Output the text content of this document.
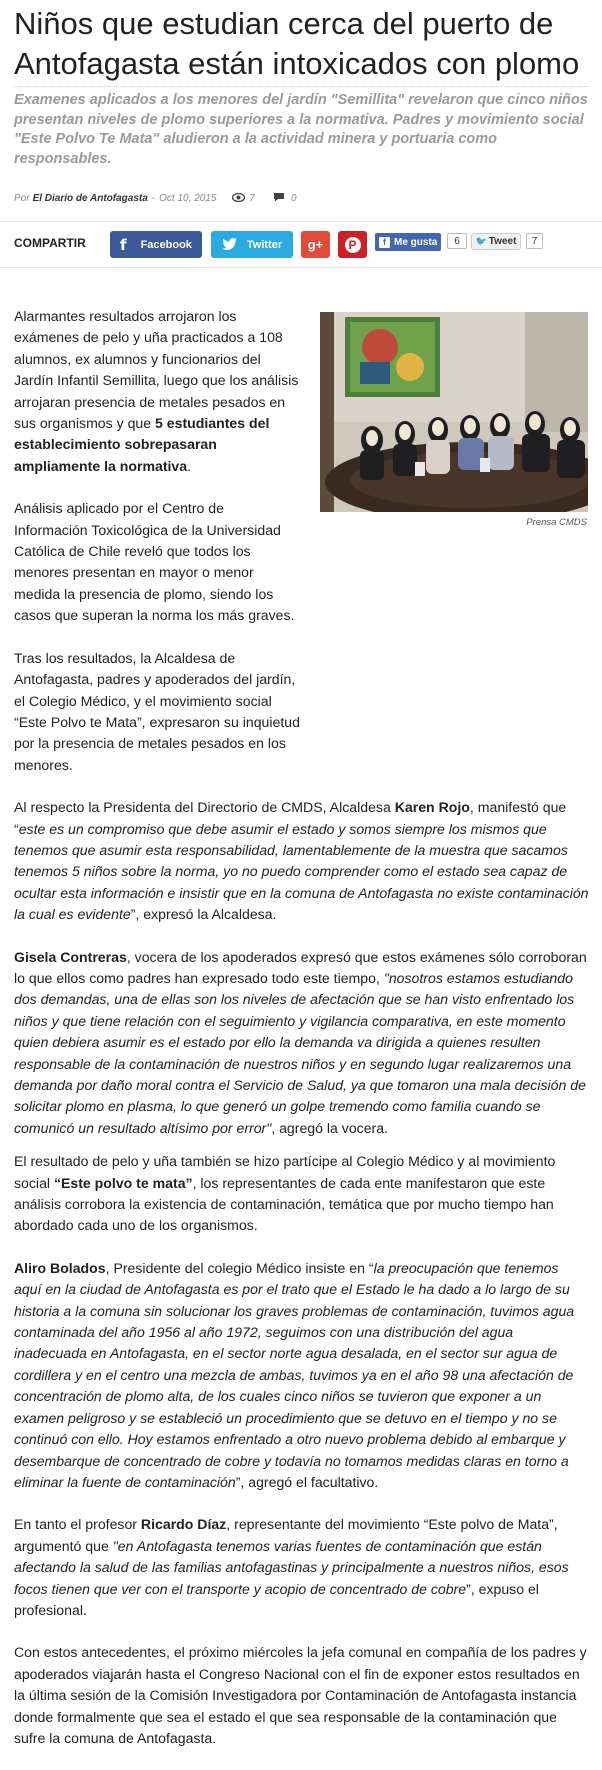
Niños que estudian cerca del puerto de Antofagasta están intoxicados con plomo

Examenes aplicados a los menores del jardín "Semillita" revelaron que cinco niños presentan niveles de plomo superiores a la normativa. Padres y movimiento social "Este Polvo Te Mata" aludieron a la actividad minera y portuaria como responsables.

Por El Diario de Antofagasta - Oct 10, 2015	7	0
COMPARTIR f Facebook	Twitter g+	P	f Me gusta	6	🐦 Tweet	7
Prensa CMDS

Alarmantes resultados arrojaron los exámenes de pelo y uña practicados a 108 alumnos, ex alumnos y funcionarios del Jardín Infantil Semillita, luego que los análisis arrojaran presencia de metales pesados en sus organismos y que 5 estudiantes del establecimiento sobrepasaran ampliamente la normativa.

Análisis aplicado por el Centro de Información Toxicológica de la Universidad Católica de Chile reveló que todos los menores presentan en mayor o menor medida la presencia de plomo, siendo los casos que superan la norma los más graves.

Tras los resultados, la Alcaldesa de Antofagasta, padres y apoderados del jardín, el Colegio Médico, y el movimiento social “Este Polvo te Mata”, expresaron su inquietud por la presencia de metales pesados en los menores.

Al respecto la Presidenta del Directorio de CMDS, Alcaldesa Karen Rojo, manifestó que “este es un compromiso que debe asumir el estado y somos siempre los mismos que tenemos que asumir esta responsabilidad, lamentablemente de la muestra que sacamos tenemos 5 niños sobre la norma, yo no puedo comprender como el estado sea capaz de ocultar esta información e insistir que en la comuna de Antofagasta no existe contaminación la cual es evidente”, expresó la Alcaldesa.

Gisela Contreras, vocera de los apoderados expresó que estos exámenes sólo corroboran lo que ellos como padres han expresado todo este tiempo, "nosotros estamos estudiando dos demandas, una de ellas son los niveles de afectación que se han visto enfrentado los niños y que tiene relación con el seguimiento y vigilancia comparativa, en este momento quien debiera asumir es el estado por ello la demanda va dirigida a quienes resulten responsable de la contaminación de nuestros niños y en segundo lugar realizaremos una demanda por daño moral contra el Servicio de Salud, ya que tomaron una mala decisión de solicitar plomo en plasma, lo que generó un golpe tremendo como familia cuando se comunicó un resultado altísimo por error", agregó la vocera.

El resultado de pelo y uña también se hizo partícipe al Colegio Médico y al movimiento social “Este polvo te mata”, los representantes de cada ente manifestaron que este análisis corrobora la existencia de contaminación, temática que por mucho tiempo han abordado cada uno de los organismos.

Aliro Bolados, Presidente del colegio Médico insiste en “la preocupación que tenemos aquí en la ciudad de Antofagasta es por el trato que el Estado le ha dado a lo largo de su historia a la comuna sin solucionar los graves problemas de contaminación, tuvimos agua contaminada del año 1956 al año 1972, seguimos con una distribución del agua inadecuada en Antofagasta, en el sector norte agua desalada, en el sector sur agua de cordillera y en el centro una mezcla de ambas, tuvimos ya en el año 98 una afectación de concentración de plomo alta, de los cuales cinco niños se tuvieron que exponer a un examen peligroso y se estableció un procedimiento que se detuvo en el tiempo y no se continuó con ello. Hoy estamos enfrentado a otro nuevo problema debido al embarque y desembarque de concentrado de cobre y todavía no tomamos medidas claras en torno a eliminar la fuente de contaminación”, agregó el facultativo.

En tanto el profesor Ricardo Díaz, representante del movimiento “Este polvo de Mata”, argumentó que "en Antofagasta tenemos varias fuentes de contaminación que están afectando la salud de las familias antofagastinas y principalmente a nuestros niños, esos focos tienen que ver con el transporte y acopio de concentrado de cobre”, expuso el profesional.

Con estos antecedentes, el próximo miércoles la jefa comunal en compañía de los padres y apoderados viajarán hasta el Congreso Nacional con el fin de exponer estos resultados en la última sesión de la Comisión Investigadora por Contaminación de Antofagasta instancia donde formalmente que sea el estado el que sea responsable de la contaminación que sufre la comuna de Antofagasta.
